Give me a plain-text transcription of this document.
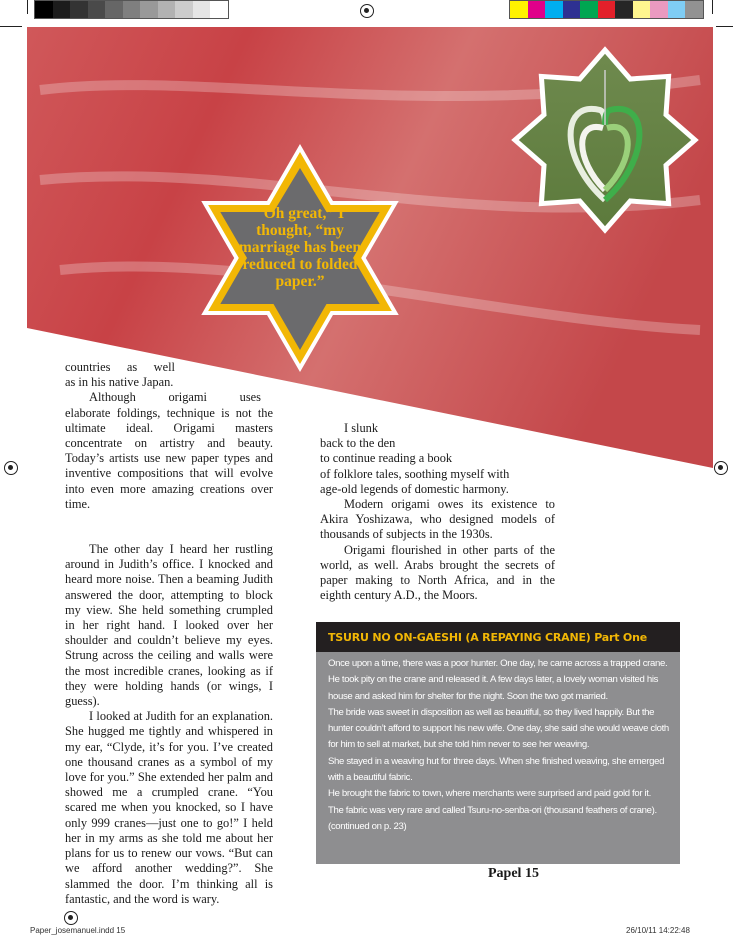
“Oh great,” I thought, “my marriage has been reduced to folded paper.”

countries as well

as in his native Japan.

Although origami uses

elaborate foldings, technique is not the ultimate ideal. Origami masters concentrate on artistry and beauty. Today’s artists use new paper types and inventive compositions that will evolve into even more amazing creations over time.

The other day I heard her rustling around in Judith’s office. I knocked and heard more noise. Then a beaming Judith answered the door, attempting to block my view. She held something crumpled in her right hand. I looked over her shoulder and couldn’t believe my eyes. Strung across the ceiling and walls were the most incredible cranes, looking as if they were holding hands (or wings, I guess).

I looked at Judith for an explanation. She hugged me tightly and whispered in my ear, “Clyde, it’s for you. I’ve created one thousand cranes as a symbol of my love for you.” She extended her palm and showed me a crumpled crane. “You scared me when you knocked, so I have only 999 cranes—just one to go!” I held her in my arms as she told me about her plans for us to renew our vows. “But can we afford another wedding?”. She slammed the door. I’m thinking all is fantastic, and the word is wary.

I slunk

back to the den

to continue reading a book

of folklore tales, soothing myself with

age-old legends of domestic harmony.

Modern origami owes its existence to Akira Yoshizawa, who designed models of thousands of subjects in the 1930s.

Origami flourished in other parts of the world, as well. Arabs brought the secrets of paper making to North Africa, and in the eighth century A.D., the Moors.

TSURU NO ON-GAESHI (A REPAYING CRANE) Part One
Once upon a time, there was a poor hunter. One day, he came across a trapped crane. He took pity on the crane and released it. A few days later, a lovely woman visited his house and asked him for shelter for the night. Soon the two got married.
The bride was sweet in disposition as well as beautiful, so they lived happily. But the hunter couldn’t afford to support his new wife. One day, she said she would weave cloth for him to sell at market, but she told him never to see her weaving.
She stayed in a weaving hut for three days. When she finished weaving, she emerged with a beautiful fabric.
He brought the fabric to town, where merchants were surprised and paid gold for it.
The fabric was very rare and called Tsuru-no-senba-ori (thousand feathers of crane).
(continued on p. 23)
Papel 15
Paper_josemanuel.indd 15	26/10/11 14:22:48
